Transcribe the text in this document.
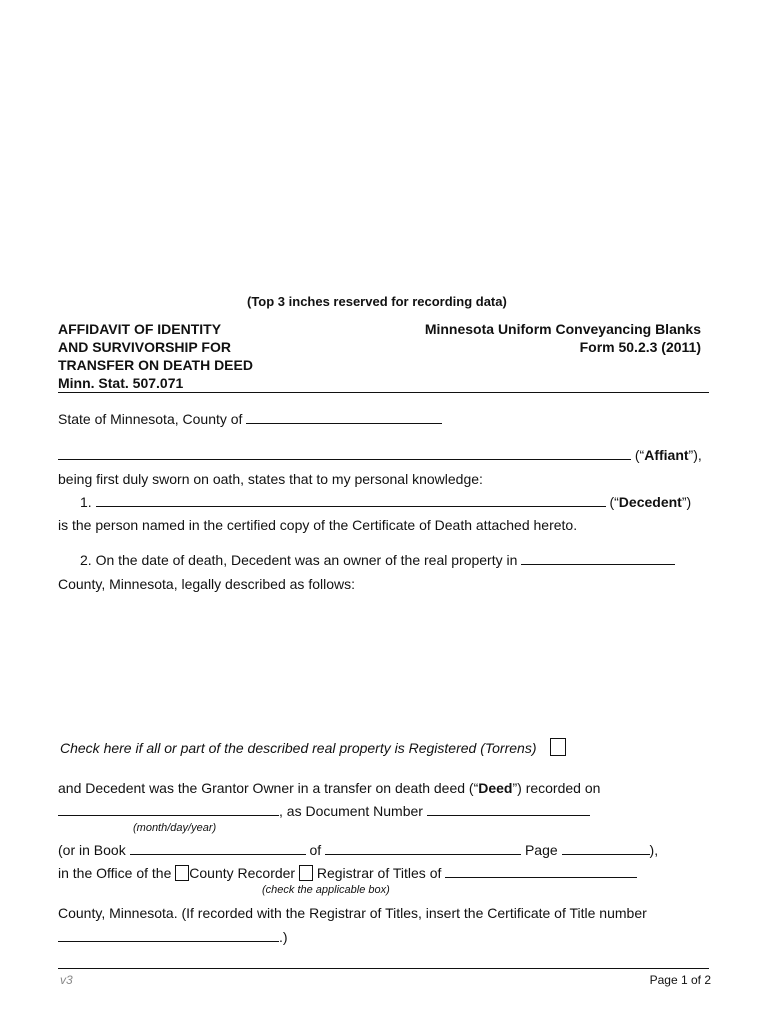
(Top 3 inches reserved for recording data)
AFFIDAVIT OF IDENTITY
AND SURVIVORSHIP FOR
TRANSFER ON DEATH DEED
Minn. Stat. 507.071
Minnesota Uniform Conveyancing Blanks
Form 50.2.3 (2011)
State of Minnesota, County of
(“Affiant”),
being first duly sworn on oath, states that to my personal knowledge:
1.	(“Decedent”)
is the person named in the certified copy of the Certificate of Death attached hereto.
2. On the date of death, Decedent was an owner of the real property in
County, Minnesota, legally described as follows:
Check here if all or part of the described real property is Registered (Torrens)
and Decedent was the Grantor Owner in a transfer on death deed (“Deed”) recorded on
, as Document Number
(month/day/year)
(or in Book	of	Page	),
in the Office of the County Recorder Registrar of Titles of
(check the applicable box)
County, Minnesota. (If recorded with the Registrar of Titles, insert the Certificate of Title number
.)
v3	Page 1 of 2
